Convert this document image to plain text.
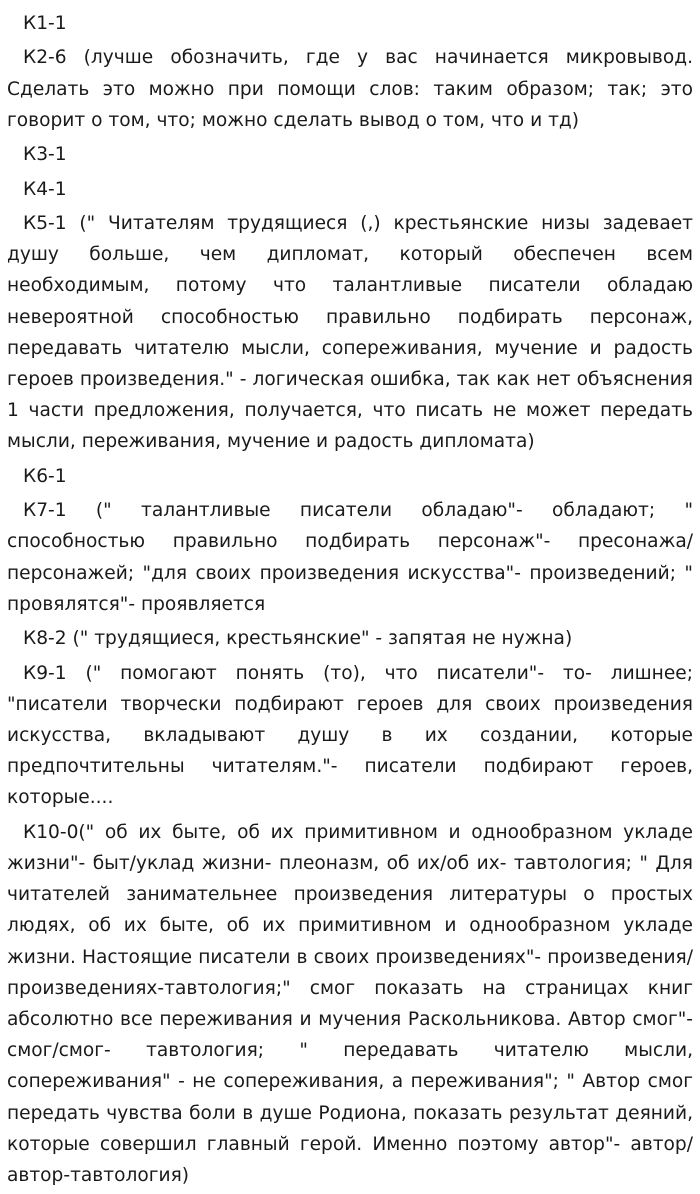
К1-1

К2-6 (лучше обозначить, где у вас начинается микровывод. Сделать это можно при помощи слов: таким образом; так; это говорит о том, что; можно сделать вывод о том, что и тд)

К3-1

К4-1

К5-1 (" Читателям трудящиеся (,) крестьянские низы задевает душу больше, чем дипломат, который обеспечен всем необходимым, потому что талантливые писатели обладаю невероятной способностью правильно подбирать персонаж, передавать читателю мысли, сопереживания, мучение и радость героев произведения." - логическая ошибка, так как нет объяснения 1 части предложения, получается, что писать не может передать мысли, переживания, мучение и радость дипломата)

К6-1

К7-1 (" талантливые писатели обладаю"- обладают; " способностью правильно подбирать персонаж"- пресонажа/персонажей; "для своих произведения искусства"- произведений; " провялятся"- проявляется

К8-2 (" трудящиеся, крестьянские" - запятая не нужна)

К9-1 (" помогают понять (то), что писатели"- то- лишнее; "писатели творчески подбирают героев для своих произведения искусства, вкладывают душу в их создании, которые предпочтительны читателям."- писатели подбирают героев, которые....

К10-0(" об их быте, об их примитивном и однообразном укладе жизни"- быт/уклад жизни- плеоназм, об их/об их- тавтология; " Для читателей занимательнее произведения литературы о простых людях, об их быте, об их примитивном и однообразном укладе жизни. Настоящие писатели в своих произведениях"- произведения/ произведениях-тавтология;" смог показать на страницах книг абсолютно все переживания и мучения Раскольникова. Автор смог"- смог/смог- тавтология; " передавать читателю мысли, сопереживания" - не сопереживания, а переживания"; " Автор смог передать чувства боли в душе Родиона, показать результат деяний, которые совершил главный герой. Именно поэтому автор"- автор/ автор-тавтология)
